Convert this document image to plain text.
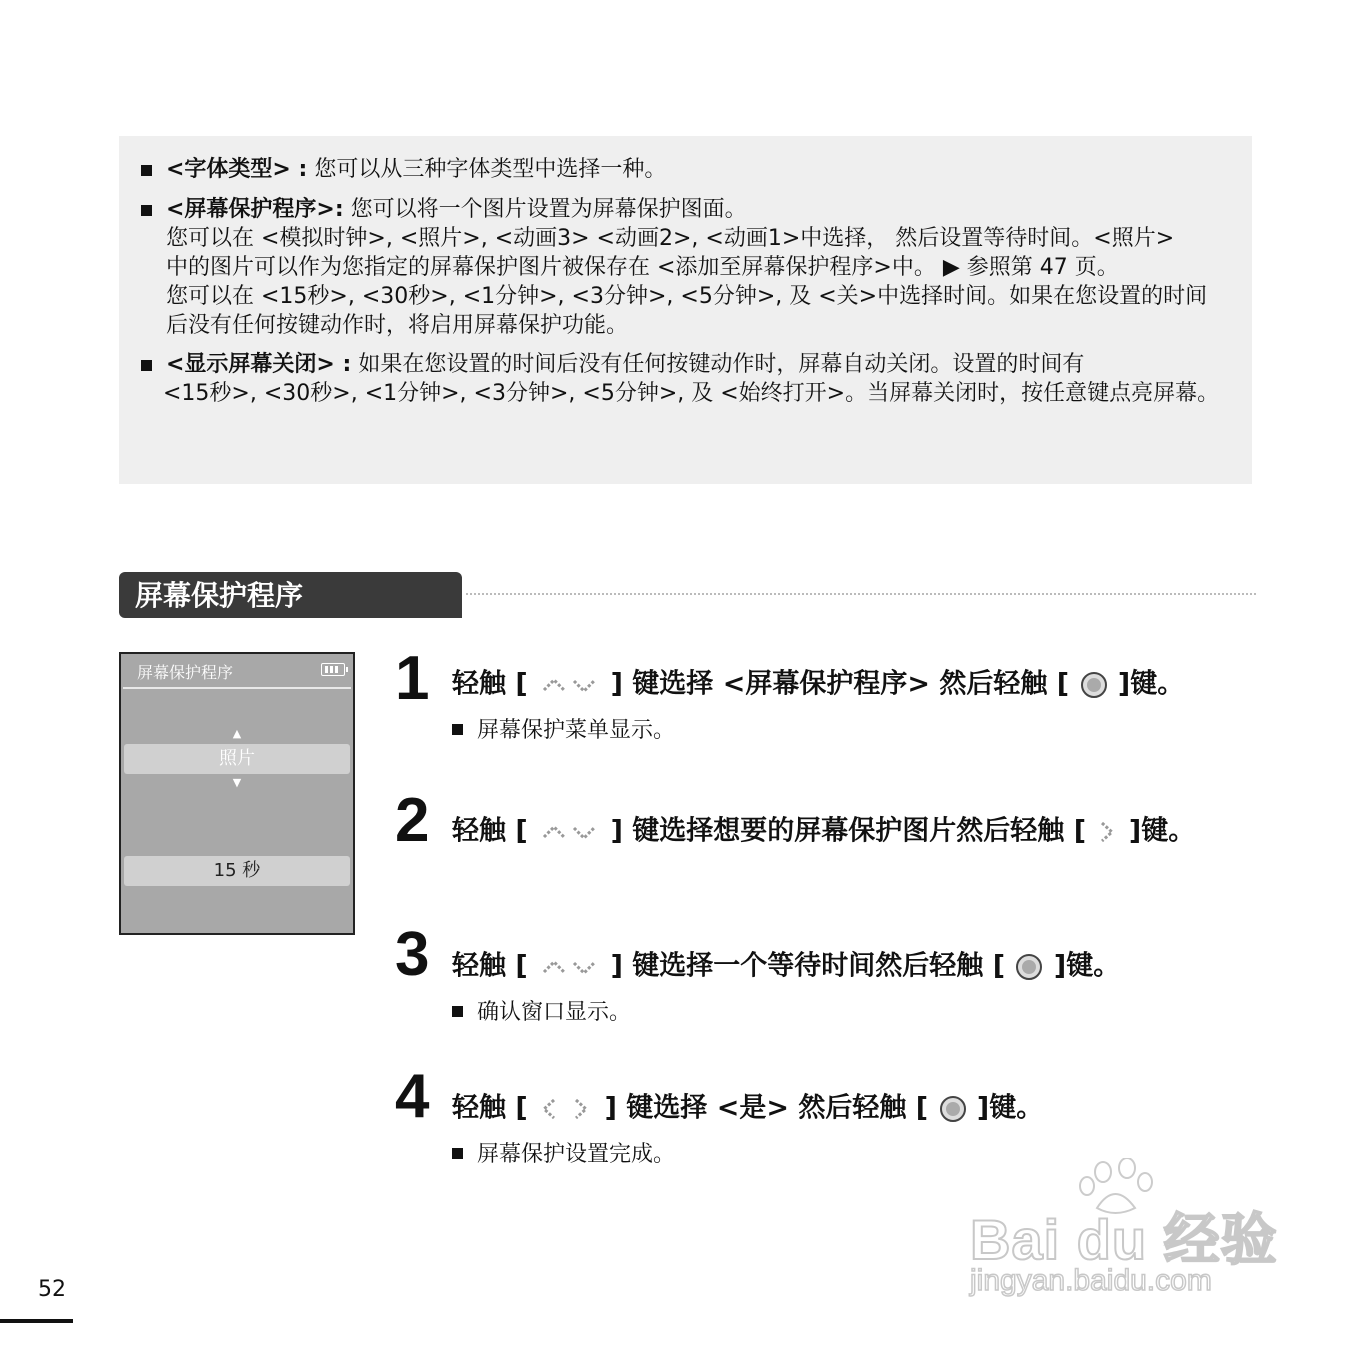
<字体类型> : 您可以从三种字体类型中选择一种。
<屏幕保护程序>: 您可以将一个图片设置为屏幕保护图面。
您可以在 <模拟时钟>, <照片>, <动画3> <动画2>, <动画1>中选择， 然后设置等待时间。<照片>
中的图片可以作为您指定的屏幕保护图片被保存在 <添加至屏幕保护程序>中。 ▶ 参照第 47 页。
您可以在 <15秒>, <30秒>, <1分钟>, <3分钟>, <5分钟>, 及 <关>中选择时间。如果在您设置的时间
后没有任何按键动作时，将启用屏幕保护功能。
<显示屏幕关闭> : 如果在您设置的时间后没有任何按键动作时，屏幕自动关闭。设置的时间有
<15秒>, <30秒>, <1分钟>, <3分钟>, <5分钟>, 及 <始终打开>。当屏幕关闭时，按任意键点亮屏幕。
屏幕保护程序
屏幕保护程序
▲
照片
▼
15 秒
1 轻触 [	] 键选择 <屏幕保护程序> 然后轻触 [ ]键。
屏幕保护菜单显示。
2 轻触 [	] 键选择想要的屏幕保护图片然后轻触 [ ]键。
3 轻触 [	] 键选择一个等待时间然后轻触 [ ]键。
确认窗口显示。
4 轻触 [	] 键选择 <是> 然后轻触 [ ]键。
屏幕保护设置完成。
52
Bai du 经验
jingyan.baidu.com
